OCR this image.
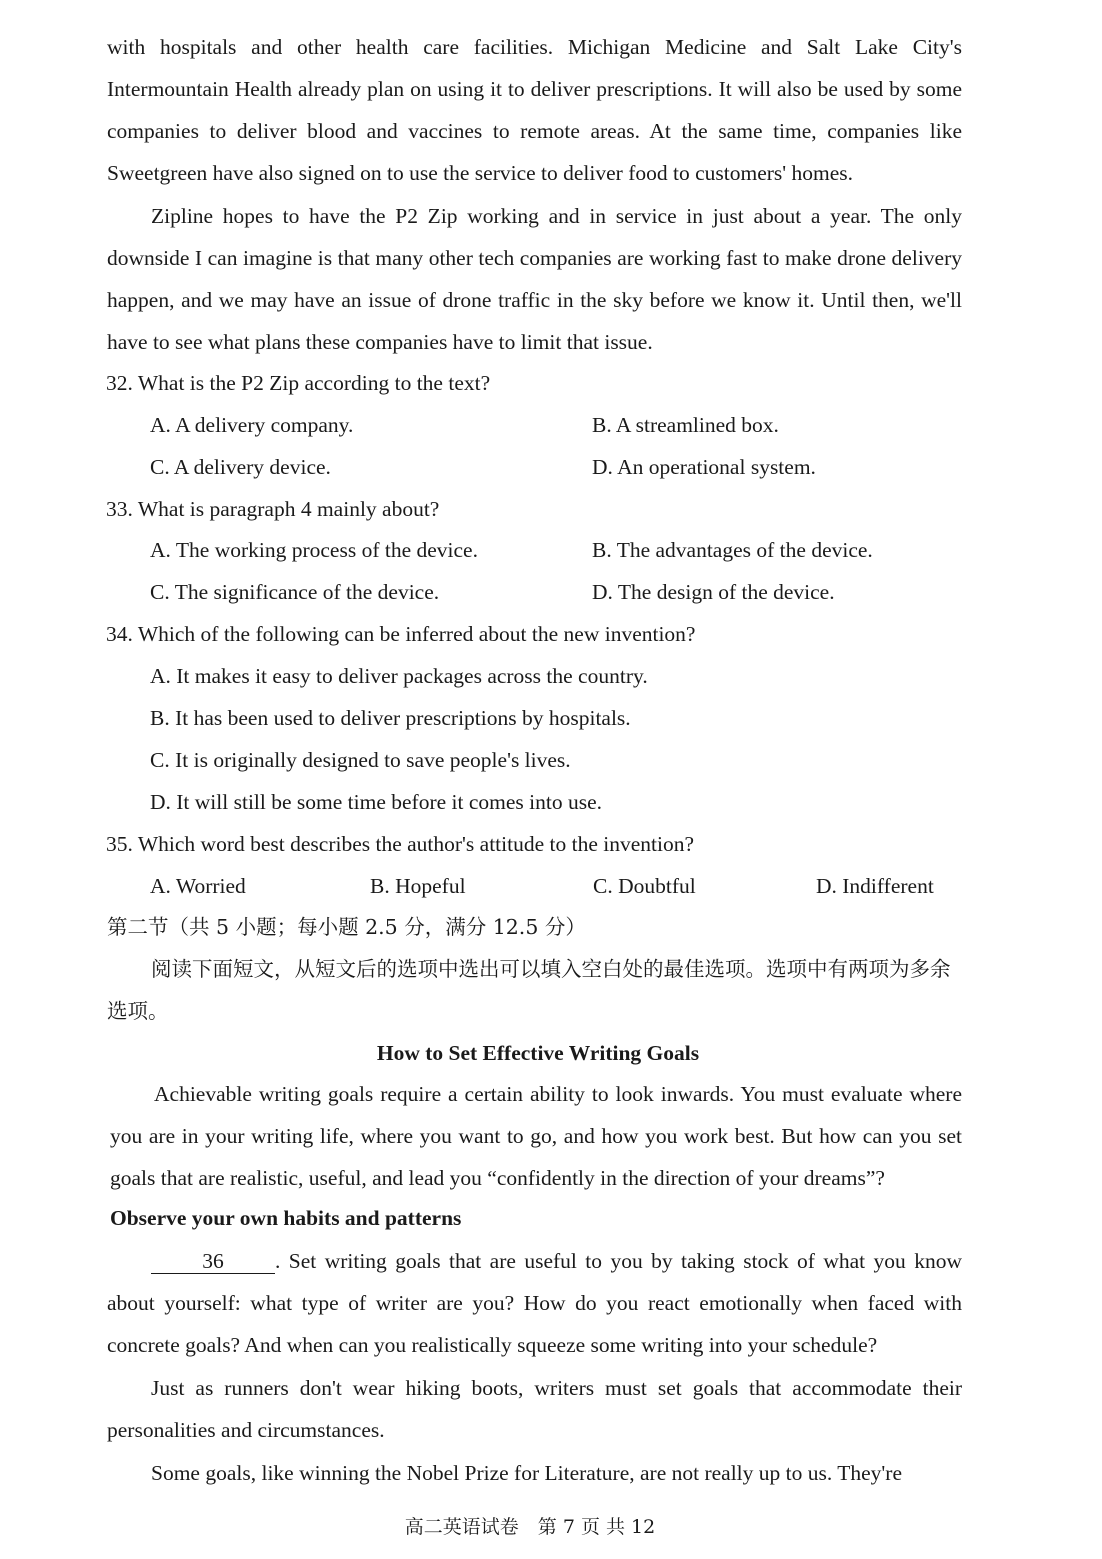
with hospitals and other health care facilities. Michigan Medicine and Salt Lake City's Intermountain Health already plan on using it to deliver prescriptions. It will also be used by some companies to deliver blood and vaccines to remote areas. At the same time, companies like Sweetgreen have also signed on to use the service to deliver food to customers' homes.

Zipline hopes to have the P2 Zip working and in service in just about a year. The only downside I can imagine is that many other tech companies are working fast to make drone delivery happen, and we may have an issue of drone traffic in the sky before we know it. Until then, we'll have to see what plans these companies have to limit that issue.

32. What is the P2 Zip according to the text?

A. A delivery company.	B. A streamlined box.

C. A delivery device.	D. An operational system.

33. What is paragraph 4 mainly about?

A. The working process of the device.	B. The advantages of the device.

C. The significance of the device.	D. The design of the device.

34. Which of the following can be inferred about the new invention?

A. It makes it easy to deliver packages across the country.

B. It has been used to deliver prescriptions by hospitals.

C. It is originally designed to save people's lives.

D. It will still be some time before it comes into use.

35. Which word best describes the author's attitude to the invention?

A. Worried	B. Hopeful	C. Doubtful	D. Indifferent

第二节（共 5 小题；每小题 2.5 分，满分 12.5 分）

阅读下面短文，从短文后的选项中选出可以填入空白处的最佳选项。选项中有两项为多余选项。

How to Set Effective Writing Goals

Achievable writing goals require a certain ability to look inwards. You must evaluate where you are in your writing life, where you want to go, and how you work best. But how can you set goals that are realistic, useful, and lead you “confidently in the direction of your dreams”?

Observe your own habits and patterns

36 . Set writing goals that are useful to you by taking stock of what you know about yourself: what type of writer are you? How do you react emotionally when faced with concrete goals? And when can you realistically squeeze some writing into your schedule?

Just as runners don't wear hiking boots, writers must set goals that accommodate their personalities and circumstances.

Some goals, like winning the Nobel Prize for Literature, are not really up to us. They're

高二英语试卷　第 7 页 共 12
